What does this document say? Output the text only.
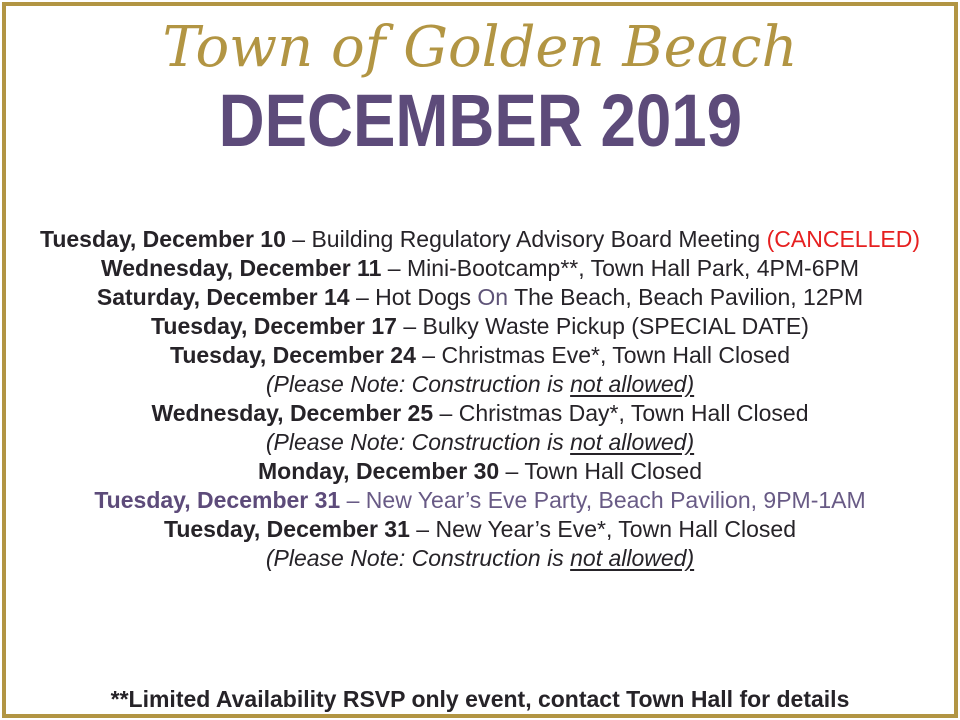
Town of Golden Beach
DECEMBER 2019
Tuesday, December 10 – Building Regulatory Advisory Board Meeting (CANCELLED)
Wednesday, December 11 – Mini-Bootcamp**, Town Hall Park, 4PM-6PM
Saturday, December 14 – Hot Dogs On The Beach, Beach Pavilion, 12PM
Tuesday, December 17 – Bulky Waste Pickup (SPECIAL DATE)
Tuesday, December 24 – Christmas Eve*, Town Hall Closed
(Please Note: Construction is not allowed)
Wednesday, December 25 – Christmas Day*, Town Hall Closed
(Please Note: Construction is not allowed)
Monday, December 30 – Town Hall Closed
Tuesday, December 31 – New Year’s Eve Party, Beach Pavilion, 9PM-1AM
Tuesday, December 31 – New Year’s Eve*, Town Hall Closed
(Please Note: Construction is not allowed)
**Limited Availability RSVP only event, contact Town Hall for details
